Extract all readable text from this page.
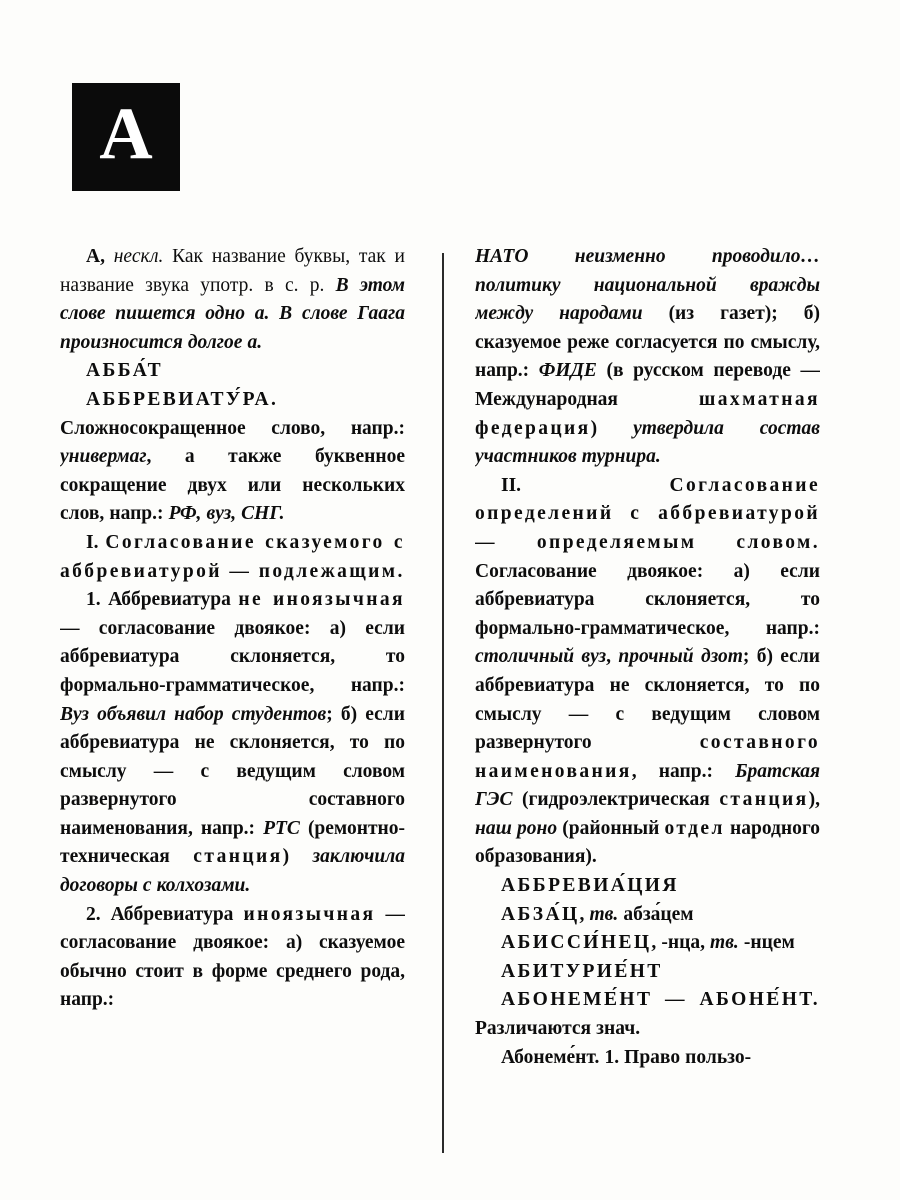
А

А, нескл. Как название буквы, так и название звука употр. в с. р. В этом слове пишется одно а. В слове Гаага произносится долгое а.

АББА́Т

АББРЕВИАТУ́РА. Сложносокращенное слово, напр.: универмаг, а также буквенное сокращение двух или нескольких слов, напр.: РФ, вуз, СНГ.

I. Согласование сказуемого с аббревиатурой — подлежащим.

1. Аббревиатура не иноязычная — согласование двоякое: а) если аббревиатура склоняется, то формально-грамматическое, напр.: Вуз объявил набор студентов; б) если аббревиатура не склоняется, то по смыслу — с ведущим словом развернутого составного наименования, напр.: РТС (ремонтно-техническая станция) заключила договоры с колхозами.

2. Аббревиатура иноязычная — согласование двоякое: а) сказуемое обычно стоит в форме среднего рода, напр.:

НАТО неизменно проводило… политику национальной вражды между народами (из газет); б) сказуемое реже согласуется по смыслу, напр.: ФИДЕ (в русском переводе — Международная шахматная федерация) утвердила состав участников турнира.

II. Согласование определений с аббревиатурой — определяемым словом. Согласование двоякое: а) если аббревиатура склоняется, то формально-грамматическое, напр.: столичный вуз, прочный дзот; б) если аббревиатура не склоняется, то по смыслу — с ведущим словом развернутого составного наименования, напр.: Братская ГЭС (гидроэлектрическая станция), наш роно (районный отдел народного образования).

АББРЕВИА́ЦИЯ

АБЗА́Ц, тв. абза́цем

АБИССИ́НЕЦ, -нца, тв. -нцем

АБИТУРИЕ́НТ

АБОНЕМЕ́НТ — АБОНЕ́НТ. Различаются знач.

Абонеме́нт. 1. Право пользо-
